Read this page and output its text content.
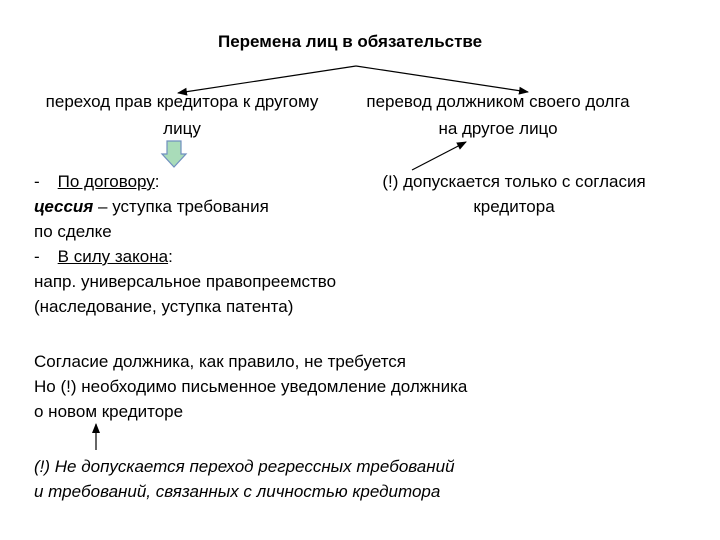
Перемена лиц в обязательстве
переход прав кредитора к другому
лицу
перевод должником своего долга
на другое лицо
- По договору:
цессия – уступка требования
по сделке
- В силу закона:
напр. универсальное правопреемство
(наследование, уступка патента)
(!) допускается только с согласия
кредитора
Согласие должника, как правило, не требуется
Но (!) необходимо письменное уведомление должника
о новом кредиторе
(!) Не допускается переход регрессных требований
и требований, связанных с личностью кредитора
